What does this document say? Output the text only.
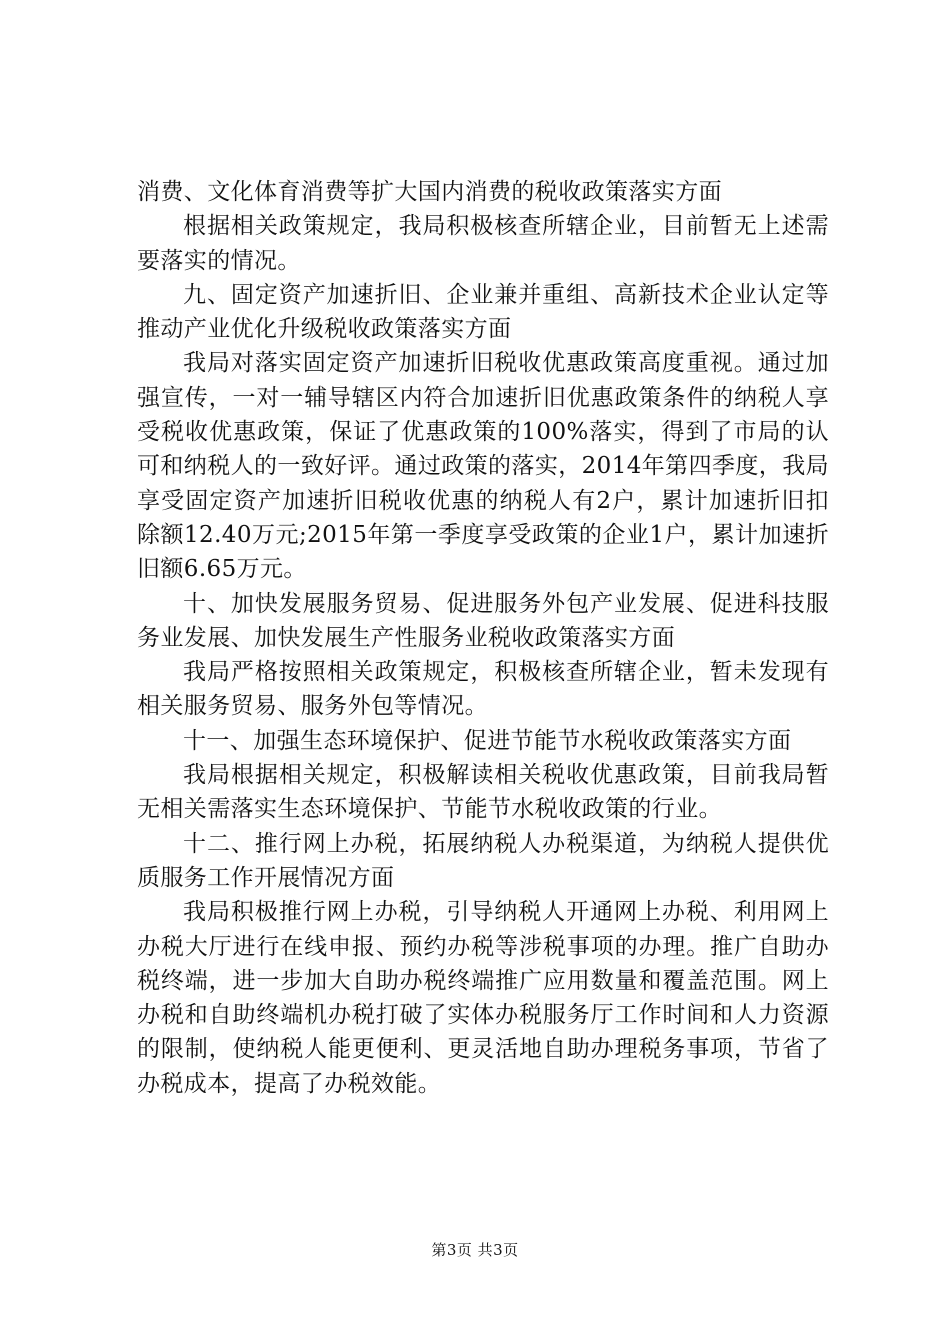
消费、文化体育消费等扩大国内消费的税收政策落实方面

根据相关政策规定，我局积极核查所辖企业，目前暂无上述需要落实的情况。

九、固定资产加速折旧、企业兼并重组、高新技术企业认定等推动产业优化升级税收政策落实方面

我局对落实固定资产加速折旧税收优惠政策高度重视。通过加强宣传，一对一辅导辖区内符合加速折旧优惠政策条件的纳税人享受税收优惠政策，保证了优惠政策的100%落实，得到了市局的认可和纳税人的一致好评。通过政策的落实，2014年第四季度，我局享受固定资产加速折旧税收优惠的纳税人有2户，累计加速折旧扣除额12.40万元;2015年第一季度享受政策的企业1户，累计加速折旧额6.65万元。

十、加快发展服务贸易、促进服务外包产业发展、促进科技服务业发展、加快发展生产性服务业税收政策落实方面

我局严格按照相关政策规定，积极核查所辖企业，暂未发现有相关服务贸易、服务外包等情况。

十一、加强生态环境保护、促进节能节水税收政策落实方面

我局根据相关规定，积极解读相关税收优惠政策，目前我局暂无相关需落实生态环境保护、节能节水税收政策的行业。

十二、推行网上办税，拓展纳税人办税渠道，为纳税人提供优质服务工作开展情况方面

我局积极推行网上办税，引导纳税人开通网上办税、利用网上办税大厅进行在线申报、预约办税等涉税事项的办理。推广自助办税终端，进一步加大自助办税终端推广应用数量和覆盖范围。网上办税和自助终端机办税打破了实体办税服务厅工作时间和人力资源的限制，使纳税人能更便利、更灵活地自助办理税务事项，节省了办税成本，提高了办税效能。

第3页 共3页
